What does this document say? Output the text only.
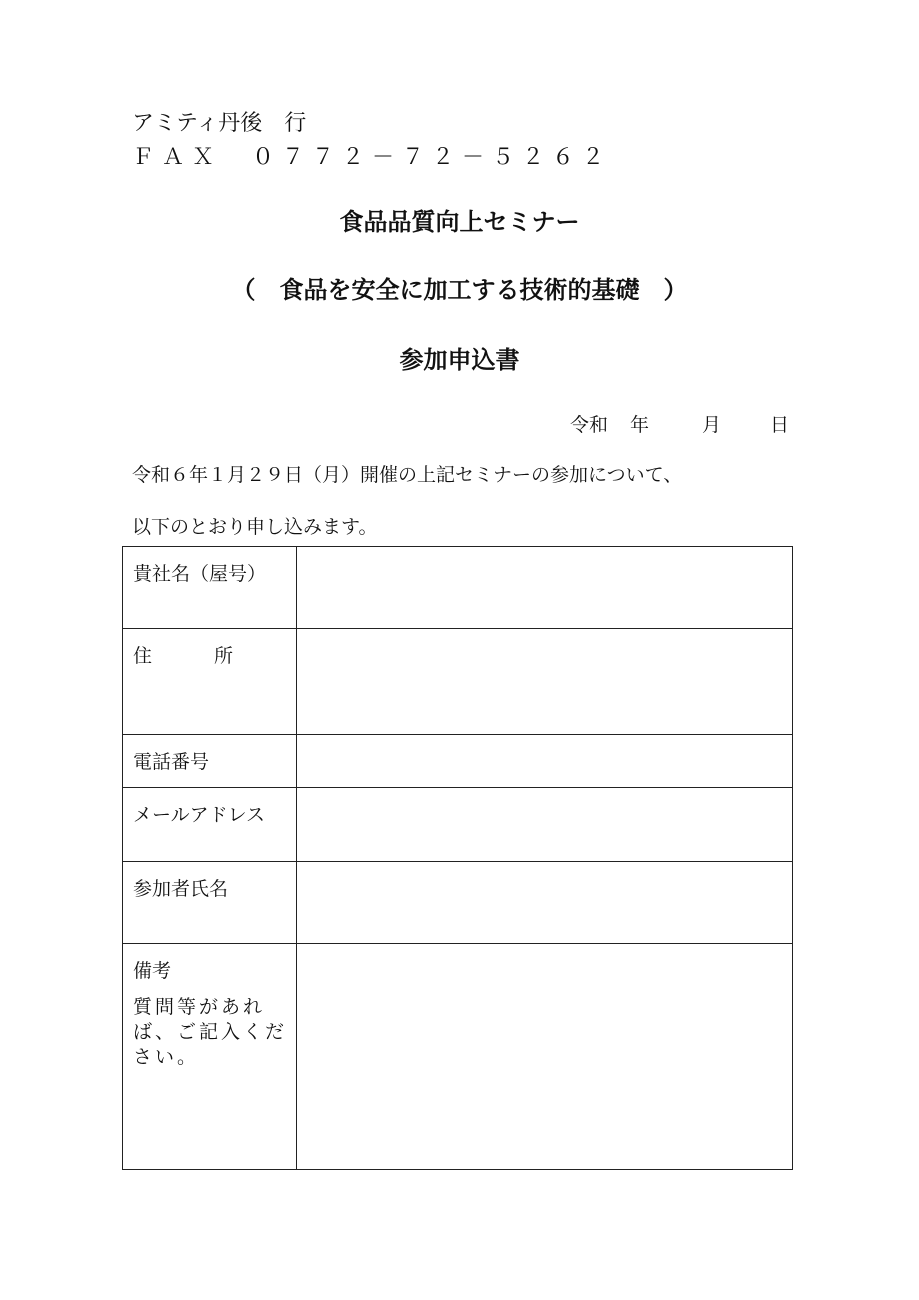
アミティ丹後　行
ＦＡＸ　０７７２－７２－５２６２
食品品質向上セミナー
（　食品を安全に加工する技術的基礎　）
参加申込書
令和 年	月	日
令和６年１月２９日（月）開催の上記セミナーの参加について、
以下のとおり申し込みます。
貴社名（屋号）	
住所	
電話番号	
メールアドレス	
参加者氏名	
備考
質問等があれば、ご記入ください。	
